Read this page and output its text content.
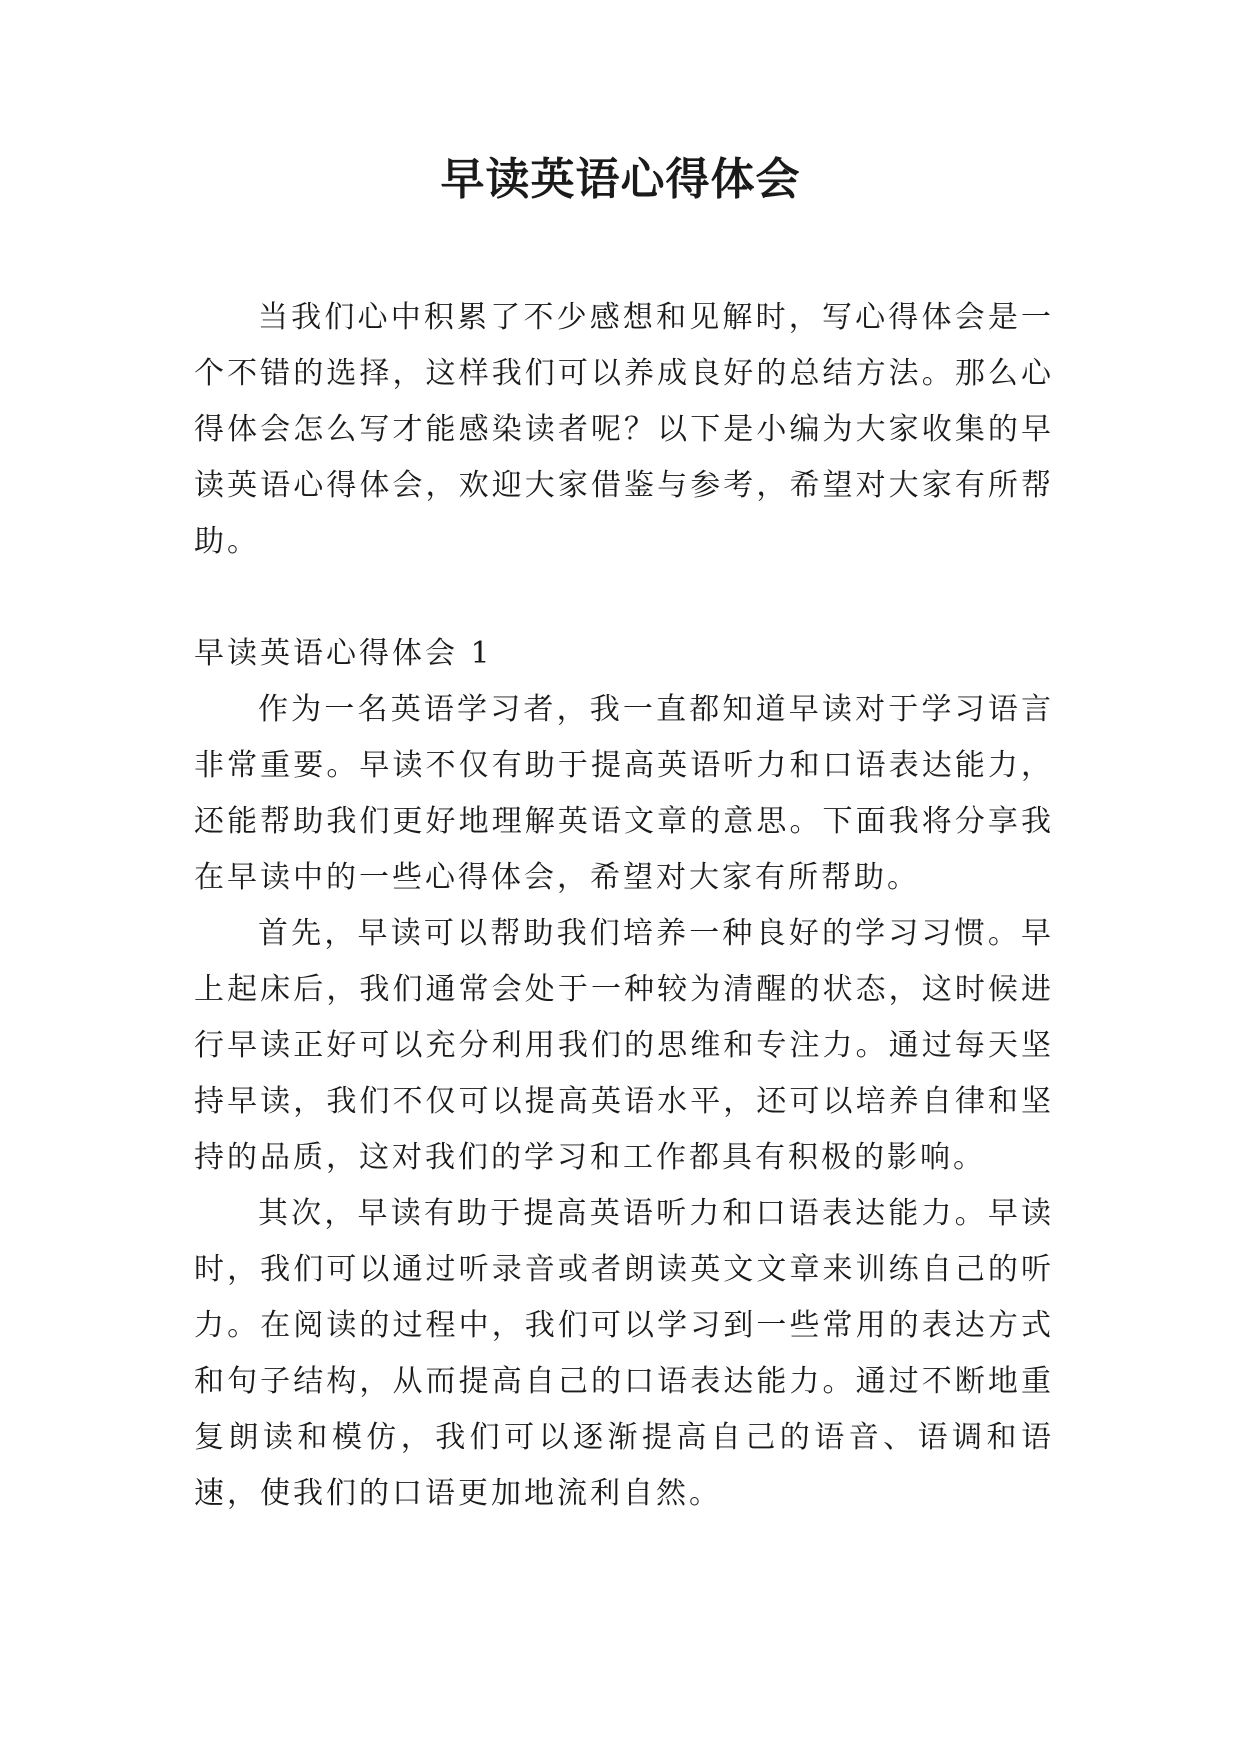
早读英语心得体会

当我们心中积累了不少感想和见解时，写心得体会是一个不错的选择，这样我们可以养成良好的总结方法。那么心得体会怎么写才能感染读者呢？以下是小编为大家收集的早读英语心得体会，欢迎大家借鉴与参考，希望对大家有所帮助。

早读英语心得体会 1

作为一名英语学习者，我一直都知道早读对于学习语言非常重要。早读不仅有助于提高英语听力和口语表达能力，还能帮助我们更好地理解英语文章的意思。下面我将分享我在早读中的一些心得体会，希望对大家有所帮助。

首先，早读可以帮助我们培养一种良好的学习习惯。早上起床后，我们通常会处于一种较为清醒的状态，这时候进行早读正好可以充分利用我们的思维和专注力。通过每天坚持早读，我们不仅可以提高英语水平，还可以培养自律和坚持的品质，这对我们的学习和工作都具有积极的影响。

其次，早读有助于提高英语听力和口语表达能力。早读时，我们可以通过听录音或者朗读英文文章来训练自己的听力。在阅读的过程中，我们可以学习到一些常用的表达方式和句子结构，从而提高自己的口语表达能力。通过不断地重复朗读和模仿，我们可以逐渐提高自己的语音、语调和语速，使我们的口语更加地流利自然。
